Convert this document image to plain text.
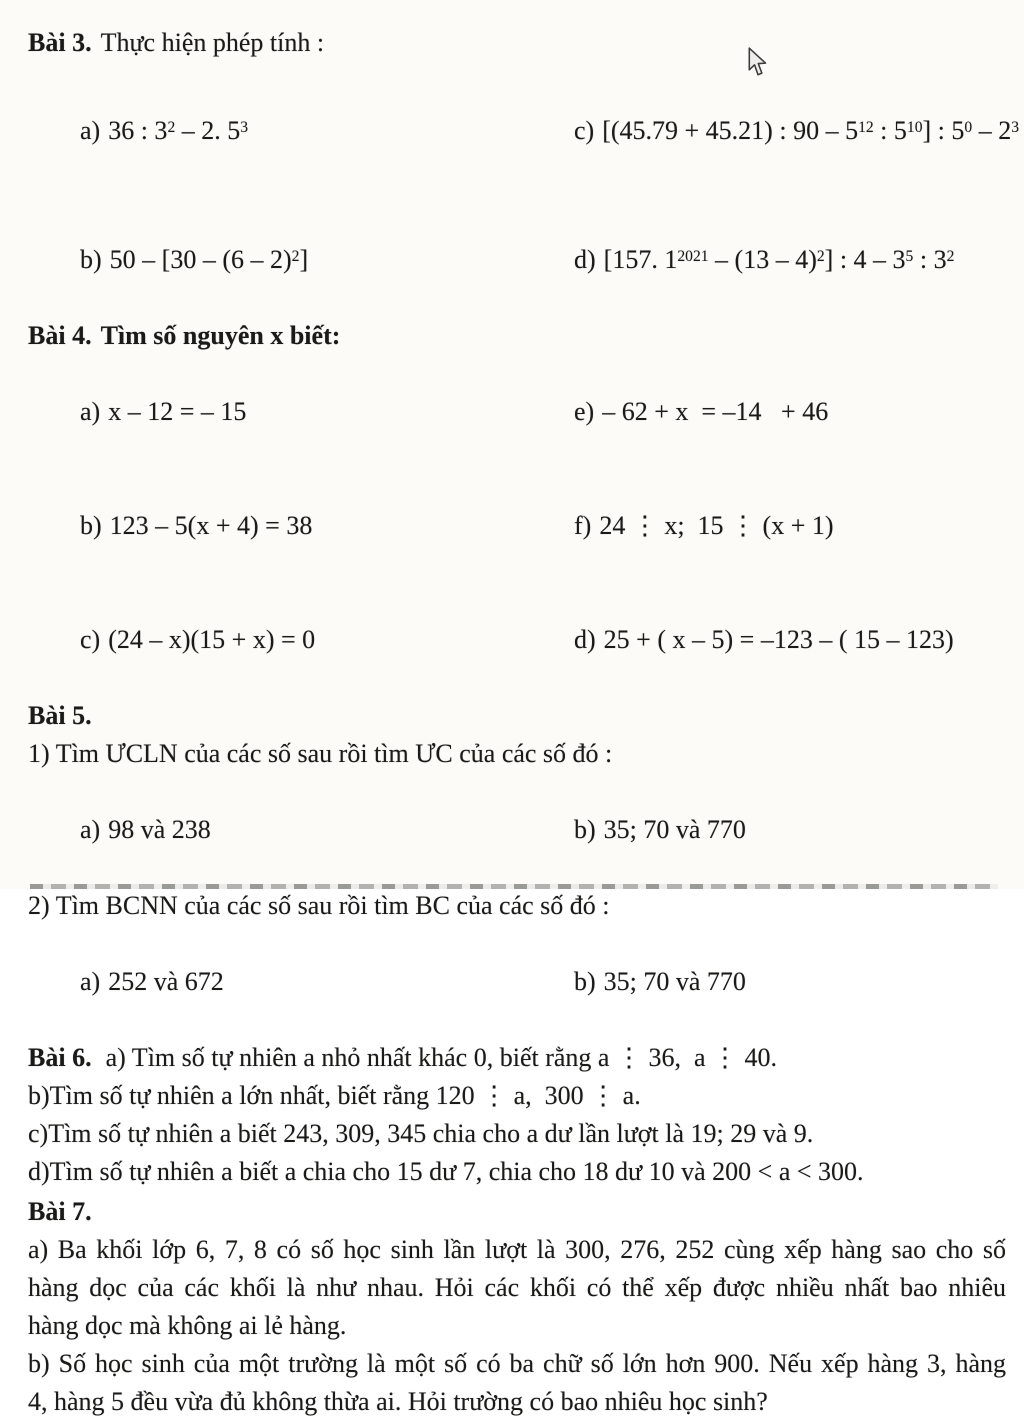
Bài 3. Thực hiện phép tính :

a) 36 : $3^2 - 2$. $5^3$
	c) [(45.79 + 45.21) : $90 - 5^{12}$ : $5^{10}$] : $5^0 - 2^3$

b) 50 – [30 – (6 – 2)$^2$]
	d) [157. $1^{2021} - (13 - 4)^2$] : $4 - 3^5$ : $3^2$

Bài 4. Tìm số nguyên x biết:

a) x – 12 = – 15
	e) – 62 + x  = –14   + 46

b) 123 – 5(x + 4) = 38
	f) 24 ⋮ x;  15 ⋮ (x + 1)

c) (24 – x)(15 + x) = 0
	d) 25 + ( x – 5) = –123 – ( 15 – 123)

Bài 5.
1) Tìm ƯCLN của các số sau rồi tìm ƯC của các số đó :

a) 98 và 238
	b) 35; 70 và 770

2) Tìm BCNN của các số sau rồi tìm BC của các số đó :

a) 252 và 672
	b) 35; 70 và 770

Bài 6. a) Tìm số tự nhiên a nhỏ nhất khác 0, biết rằng a ⋮ 36,  a ⋮ 40.
b)Tìm số tự nhiên a lớn nhất, biết rằng 120 ⋮ a,  300 ⋮ a.
c)Tìm số tự nhiên a biết 243, 309, 345 chia cho a dư lần lượt là 19; 29 và 9.
d)Tìm số tự nhiên a biết a chia cho 15 dư 7, chia cho 18 dư 10 và 200 < a < 300.
Bài 7.
a) Ba khối lớp 6, 7, 8 có số học sinh lần lượt là 300, 276, 252 cùng xếp hàng sao cho số
hàng dọc của các khối là như nhau. Hỏi các khối có thể xếp được nhiều nhất bao nhiêu
hàng dọc mà không ai lẻ hàng.
b) Số học sinh của một trường là một số có ba chữ số lớn hơn 900. Nếu xếp hàng 3, hàng
4, hàng 5 đều vừa đủ không thừa ai. Hỏi trường có bao nhiêu học sinh?
